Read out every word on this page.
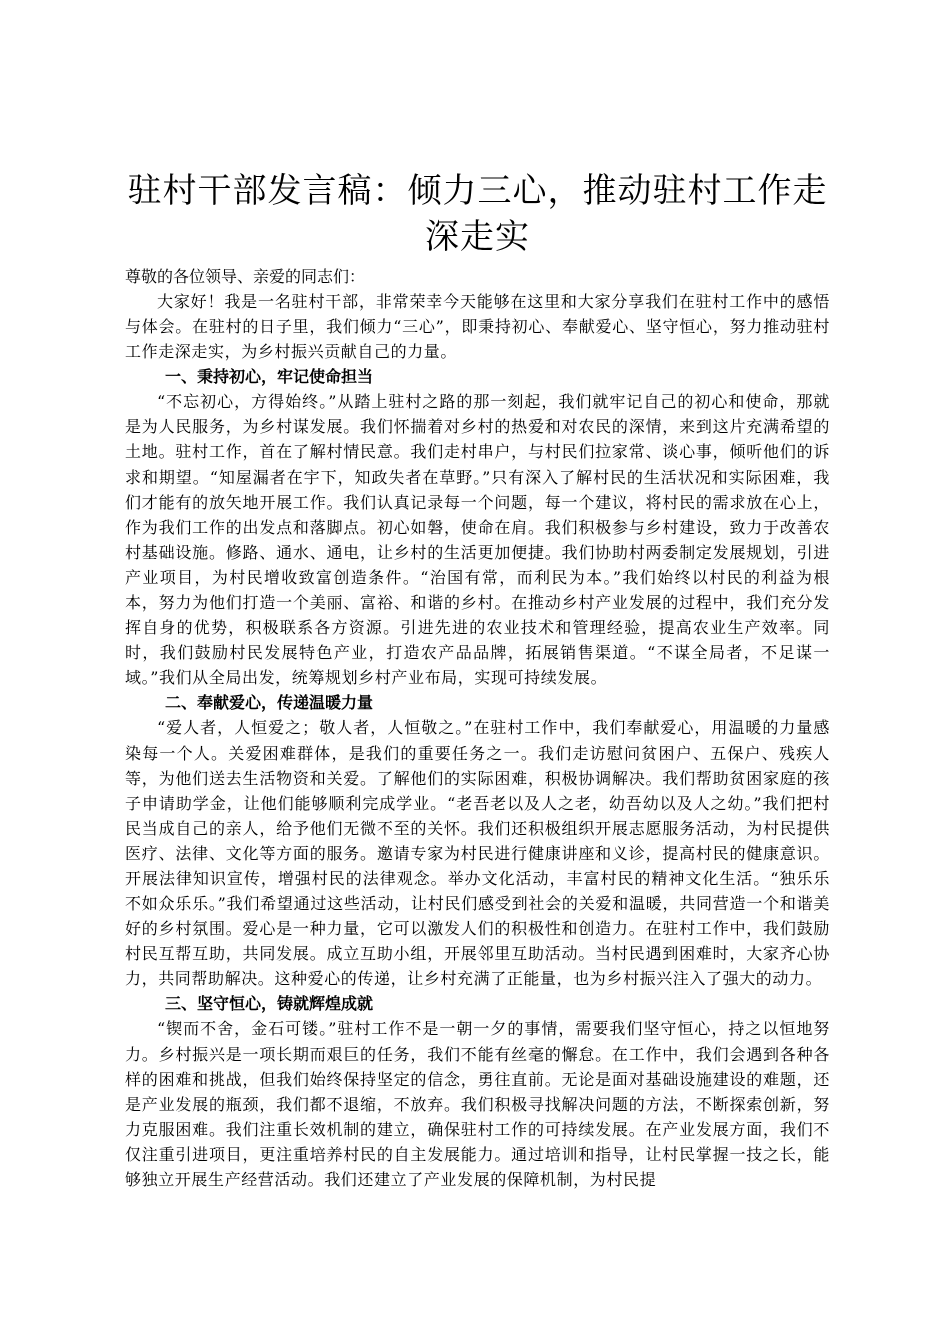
驻村干部发言稿：倾力三心，推动驻村工作走深走实

尊敬的各位领导、亲爱的同志们：

大家好！我是一名驻村干部，非常荣幸今天能够在这里和大家分享我们在驻村工作中的感悟与体会。在驻村的日子里，我们倾力“三心”，即秉持初心、奉献爱心、坚守恒心，努力推动驻村工作走深走实，为乡村振兴贡献自己的力量。

一、秉持初心，牢记使命担当

“不忘初心，方得始终。”从踏上驻村之路的那一刻起，我们就牢记自己的初心和使命，那就是为人民服务，为乡村谋发展。我们怀揣着对乡村的热爱和对农民的深情，来到这片充满希望的土地。驻村工作，首在了解村情民意。我们走村串户，与村民们拉家常、谈心事，倾听他们的诉求和期望。“知屋漏者在宇下，知政失者在草野。”只有深入了解村民的生活状况和实际困难，我们才能有的放矢地开展工作。我们认真记录每一个问题，每一个建议，将村民的需求放在心上，作为我们工作的出发点和落脚点。初心如磐，使命在肩。我们积极参与乡村建设，致力于改善农村基础设施。修路、通水、通电，让乡村的生活更加便捷。我们协助村两委制定发展规划，引进产业项目，为村民增收致富创造条件。“治国有常，而利民为本。”我们始终以村民的利益为根本，努力为他们打造一个美丽、富裕、和谐的乡村。在推动乡村产业发展的过程中，我们充分发挥自身的优势，积极联系各方资源。引进先进的农业技术和管理经验，提高农业生产效率。同时，我们鼓励村民发展特色产业，打造农产品品牌，拓展销售渠道。“不谋全局者，不足谋一域。”我们从全局出发，统筹规划乡村产业布局，实现可持续发展。

二、奉献爱心，传递温暖力量

“爱人者，人恒爱之；敬人者，人恒敬之。”在驻村工作中，我们奉献爱心，用温暖的力量感染每一个人。关爱困难群体，是我们的重要任务之一。我们走访慰问贫困户、五保户、残疾人等，为他们送去生活物资和关爱。了解他们的实际困难，积极协调解决。我们帮助贫困家庭的孩子申请助学金，让他们能够顺利完成学业。“老吾老以及人之老，幼吾幼以及人之幼。”我们把村民当成自己的亲人，给予他们无微不至的关怀。我们还积极组织开展志愿服务活动，为村民提供医疗、法律、文化等方面的服务。邀请专家为村民进行健康讲座和义诊，提高村民的健康意识。开展法律知识宣传，增强村民的法律观念。举办文化活动，丰富村民的精神文化生活。“独乐乐不如众乐乐。”我们希望通过这些活动，让村民们感受到社会的关爱和温暖，共同营造一个和谐美好的乡村氛围。爱心是一种力量，它可以激发人们的积极性和创造力。在驻村工作中，我们鼓励村民互帮互助，共同发展。成立互助小组，开展邻里互助活动。当村民遇到困难时，大家齐心协力，共同帮助解决。这种爱心的传递，让乡村充满了正能量，也为乡村振兴注入了强大的动力。

三、坚守恒心，铸就辉煌成就

“锲而不舍，金石可镂。”驻村工作不是一朝一夕的事情，需要我们坚守恒心，持之以恒地努力。乡村振兴是一项长期而艰巨的任务，我们不能有丝毫的懈怠。在工作中，我们会遇到各种各样的困难和挑战，但我们始终保持坚定的信念，勇往直前。无论是面对基础设施建设的难题，还是产业发展的瓶颈，我们都不退缩，不放弃。我们积极寻找解决问题的方法，不断探索创新，努力克服困难。我们注重长效机制的建立，确保驻村工作的可持续发展。在产业发展方面，我们不仅注重引进项目，更注重培养村民的自主发展能力。通过培训和指导，让村民掌握一技之长，能够独立开展生产经营活动。我们还建立了产业发展的保障机制，为村民提
